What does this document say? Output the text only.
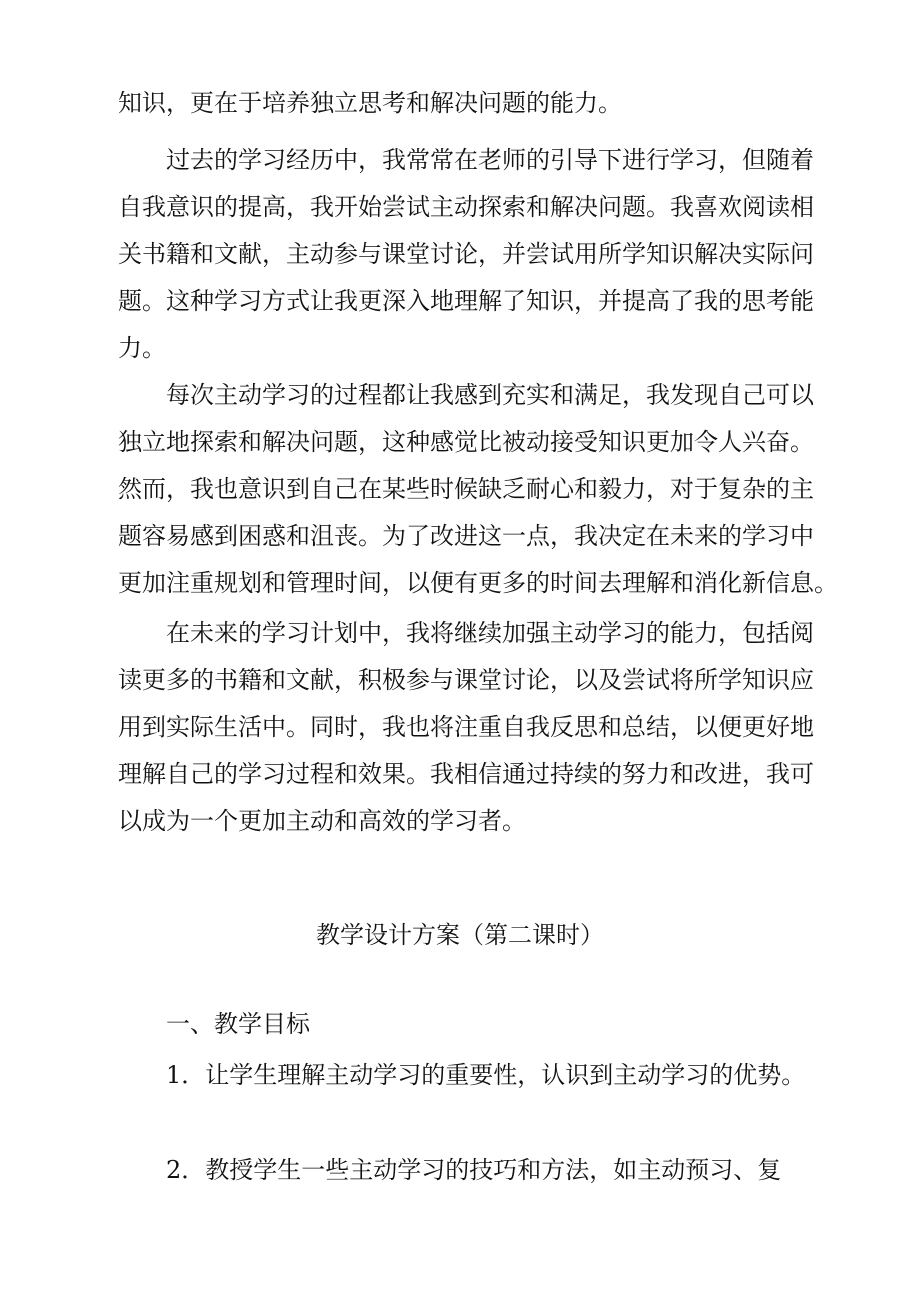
知识，更在于培养独立思考和解决问题的能力。
过去的学习经历中，我常常在老师的引导下进行学习，但随着
自我意识的提高，我开始尝试主动探索和解决问题。我喜欢阅读相
关书籍和文献，主动参与课堂讨论，并尝试用所学知识解决实际问
题。这种学习方式让我更深入地理解了知识，并提高了我的思考能
力。
每次主动学习的过程都让我感到充实和满足，我发现自己可以
独立地探索和解决问题，这种感觉比被动接受知识更加令人兴奋。
然而，我也意识到自己在某些时候缺乏耐心和毅力，对于复杂的主
题容易感到困惑和沮丧。为了改进这一点，我决定在未来的学习中
更加注重规划和管理时间，以便有更多的时间去理解和消化新信息。
在未来的学习计划中，我将继续加强主动学习的能力，包括阅
读更多的书籍和文献，积极参与课堂讨论，以及尝试将所学知识应
用到实际生活中。同时，我也将注重自我反思和总结，以便更好地
理解自己的学习过程和效果。我相信通过持续的努力和改进，我可
以成为一个更加主动和高效的学习者。
教学设计方案（第二课时）
一、教学目标
1．让学生理解主动学习的重要性，认识到主动学习的优势。
2．教授学生一些主动学习的技巧和方法，如主动预习、复
